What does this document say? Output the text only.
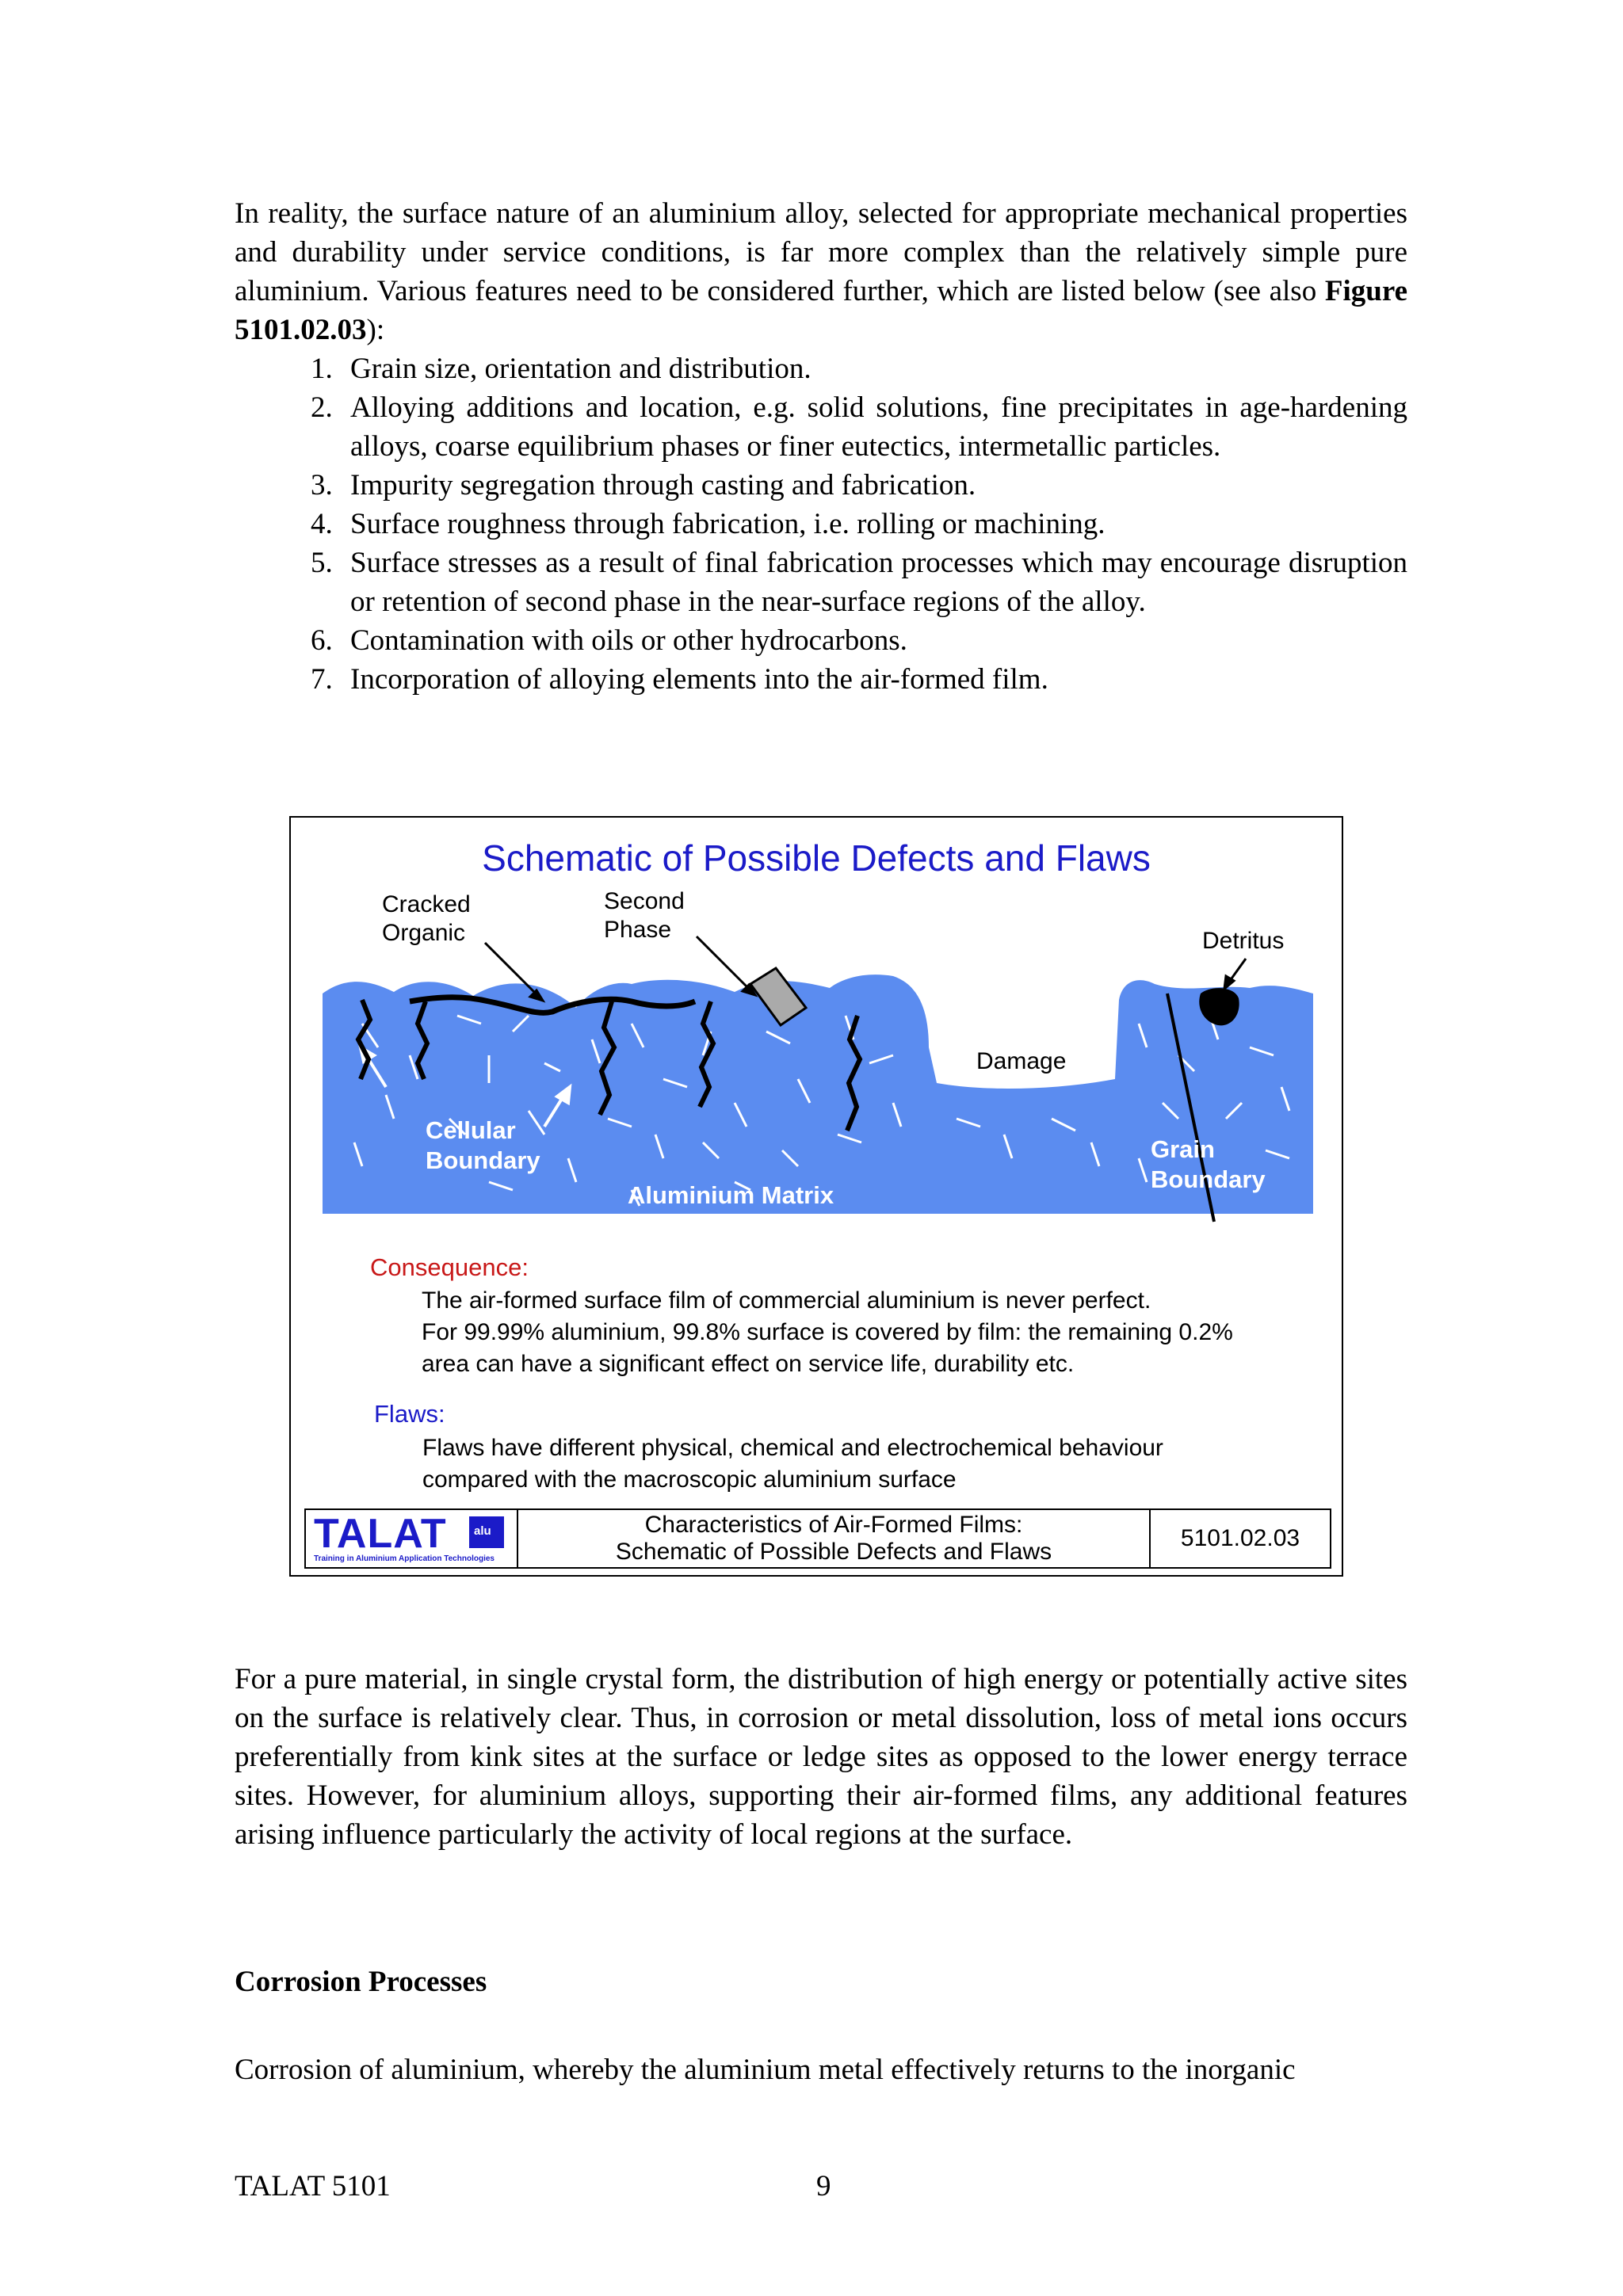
In reality, the surface nature of an aluminium alloy, selected for appropriate mechanical properties and durability under service conditions, is far more complex than the relatively simple pure aluminium. Various features need to be considered further, which are listed below (see also Figure 5101.02.03):

1. Grain size, orientation and distribution.
2. Alloying additions and location, e.g. solid solutions, fine precipitates in age-hardening alloys, coarse equilibrium phases or finer eutectics, intermetallic particles.
3. Impurity segregation through casting and fabrication.
4. Surface roughness through fabrication, i.e. rolling or machining.
5. Surface stresses as a result of final fabrication processes which may encourage disruption or retention of second phase in the near-surface regions of the alloy.
6. Contamination with oils or other hydrocarbons.
7. Incorporation of alloying elements into the air-formed film.
Schematic of Possible Defects and Flaws
Cracked
Organic
Second
Phase	Detritus
Damage
Cellular
Boundary
Aluminium Matrix
Grain
Boundary
Consequence:
The air-formed surface film of commercial aluminium is never perfect.
For 99.99% aluminium, 99.8% surface is covered by film: the remaining 0.2%
area can have a significant effect on service life, durability etc.
Flaws:
Flaws have different physical, chemical and electrochemical behaviour
compared with the macroscopic aluminium surface
TALAT alu
Training in Aluminium Application Technologies
Characteristics of Air-Formed Films:
Schematic of Possible Defects and Flaws
5101.02.03

For a pure material, in single crystal form, the distribution of high energy or potentially active sites on the surface is relatively clear. Thus, in corrosion or metal dissolution, loss of metal ions occurs preferentially from kink sites at the surface or ledge sites as opposed to the lower energy terrace sites. However, for aluminium alloys, supporting their air-formed films, any additional features arising influence particularly the activity of local regions at the surface.

Corrosion Processes

Corrosion of aluminium, whereby the aluminium metal effectively returns to the inorganic

TALAT 5101	9
